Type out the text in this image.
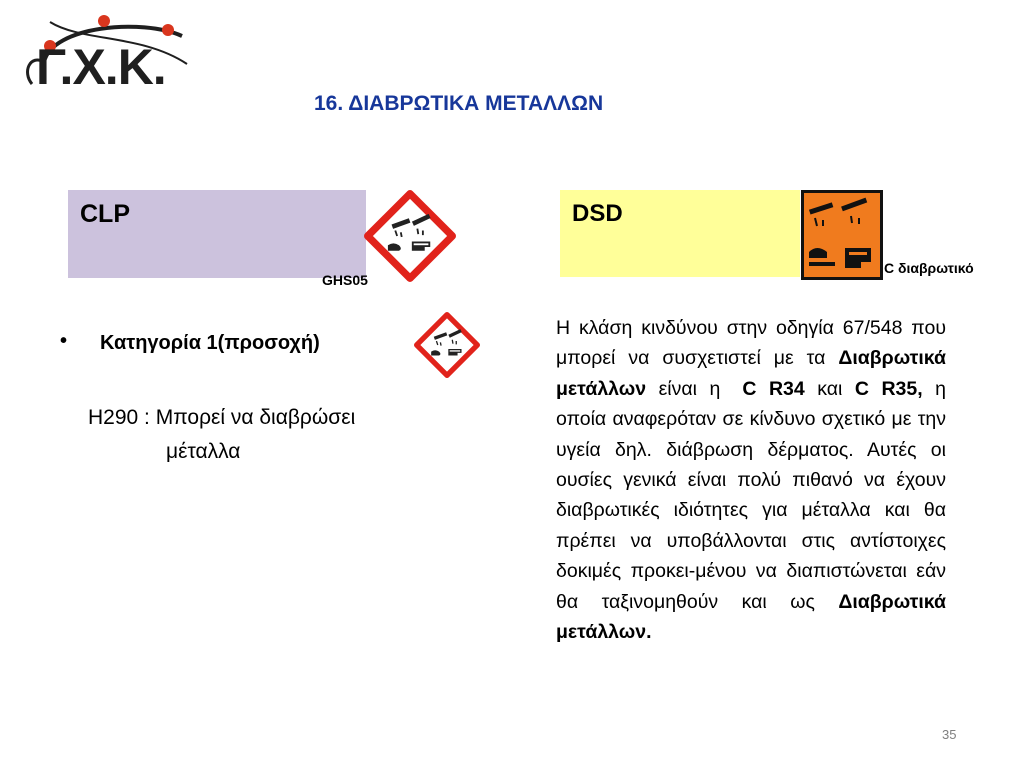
Γ.Χ.Κ.
16. ΔΙΑΒΡΩΤΙΚΑ ΜΕΤΑΛΛΩΝ
CLP
GHS05
DSD
C διαβρωτικό
• Κατηγορία 1(προσοχή)
H290 : Μπορεί να διαβρώσει
μέταλλα
Η κλάση κινδύνου στην οδηγία 67/548 που μπορεί να συσχετιστεί με τα Διαβρωτικά μετάλλων είναι η C R34 και C R35, η οποία αναφερόταν σε κίνδυνο σχετικό με την υγεία δηλ. διάβρωση δέρματος. Αυτές οι ουσίες γενικά είναι πολύ πιθανό να έχουν διαβρωτικές ιδιότητες για μέταλλα και θα πρέπει να υποβάλλονται στις αντίστοιχες δοκιμές προκει-μένου να διαπιστώνεται εάν θα ταξινομηθούν και ως Διαβρωτικά μετάλλων.
35
